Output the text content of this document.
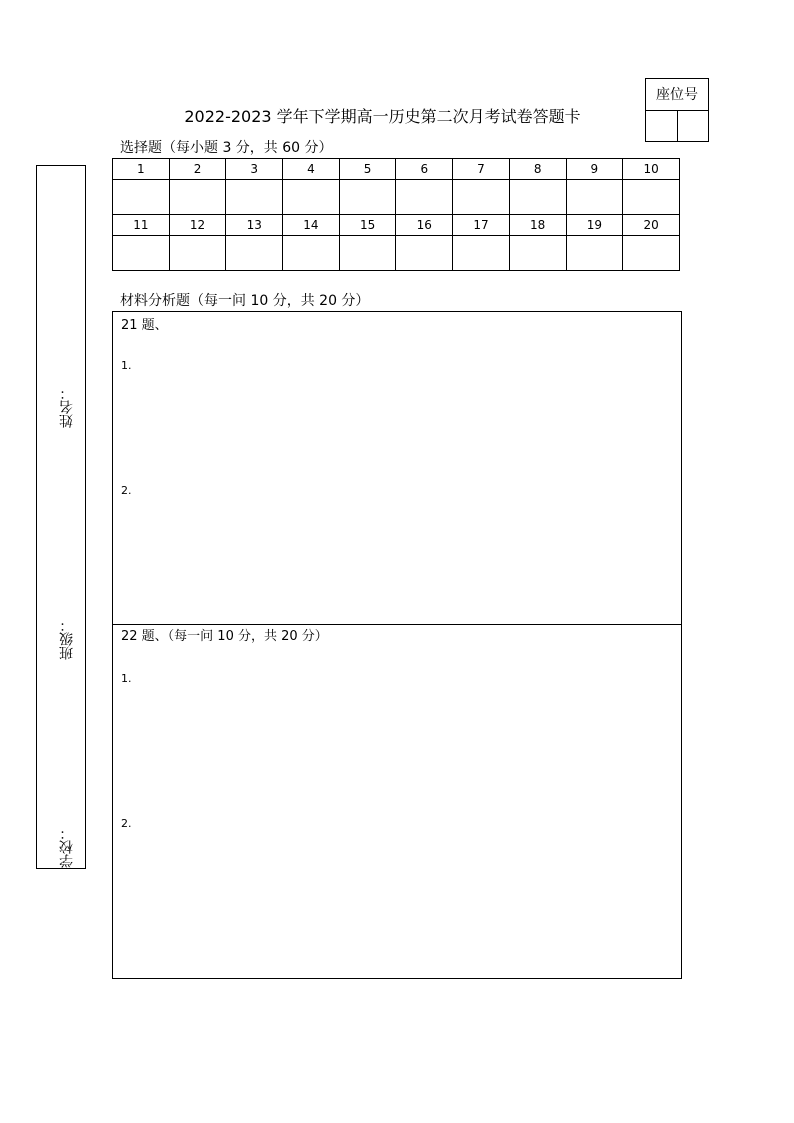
座位号
2022-2023 学年下学期高一历史第二次月考试卷答题卡
选择题（每小题 3 分，共 60 分）
1	2	3	4	5	6	7	8	9	10

11	12	13	14	15	16	17	18	19	20

姓名：
班级：
学校：
材料分析题（每一问 10 分，共 20 分）
21 题、
1.
2.
22 题、（每一问 10 分，共 20 分）
1.
2.
